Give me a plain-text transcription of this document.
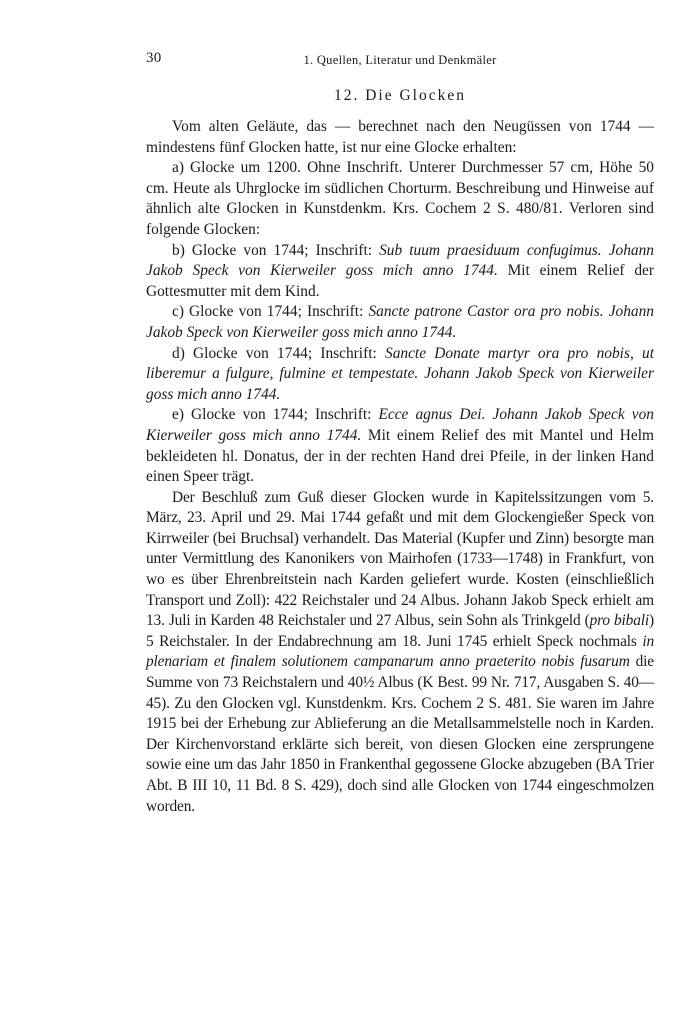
30	1. Quellen, Literatur und Denkmäler
12. Die Glocken

Vom alten Geläute, das — berechnet nach den Neugüssen von 1744 — mindestens fünf Glocken hatte, ist nur eine Glocke erhalten:

a) Glocke um 1200. Ohne Inschrift. Unterer Durchmesser 57 cm, Höhe 50 cm. Heute als Uhrglocke im südlichen Chorturm. Beschreibung und Hinweise auf ähnlich alte Glocken in Kunstdenkm. Krs. Cochem 2 S. 480/81. Verloren sind folgende Glocken:

b) Glocke von 1744; Inschrift: Sub tuum praesiduum confugimus. Johann Jakob Speck von Kierweiler goss mich anno 1744. Mit einem Relief der Gottesmutter mit dem Kind.

c) Glocke von 1744; Inschrift: Sancte patrone Castor ora pro nobis. Johann Jakob Speck von Kierweiler goss mich anno 1744.

d) Glocke von 1744; Inschrift: Sancte Donate martyr ora pro nobis, ut liberemur a fulgure, fulmine et tempestate. Johann Jakob Speck von Kierweiler goss mich anno 1744.

e) Glocke von 1744; Inschrift: Ecce agnus Dei. Johann Jakob Speck von Kierweiler goss mich anno 1744. Mit einem Relief des mit Mantel und Helm bekleideten hl. Donatus, der in der rechten Hand drei Pfeile, in der linken Hand einen Speer trägt.

Der Beschluß zum Guß dieser Glocken wurde in Kapitelssitzungen vom 5. März, 23. April und 29. Mai 1744 gefaßt und mit dem Glockengießer Speck von Kirrweiler (bei Bruchsal) verhandelt. Das Material (Kupfer und Zinn) besorgte man unter Vermittlung des Kanonikers von Mairhofen (1733—1748) in Frankfurt, von wo es über Ehrenbreitstein nach Karden geliefert wurde. Kosten (einschließlich Transport und Zoll): 422 Reichstaler und 24 Albus. Johann Jakob Speck erhielt am 13. Juli in Karden 48 Reichstaler und 27 Albus, sein Sohn als Trinkgeld (pro bibali) 5 Reichstaler. In der Endabrechnung am 18. Juni 1745 erhielt Speck nochmals in plenariam et finalem solutionem campanarum anno praeterito nobis fusarum die Summe von 73 Reichstalern und 40½ Albus (K Best. 99 Nr. 717, Ausgaben S. 40—45). Zu den Glocken vgl. Kunstdenkm. Krs. Cochem 2 S. 481. Sie waren im Jahre 1915 bei der Erhebung zur Ablieferung an die Metallsammelstelle noch in Karden. Der Kirchenvorstand erklärte sich bereit, von diesen Glocken eine zersprungene sowie eine um das Jahr 1850 in Frankenthal gegossene Glocke abzugeben (BA Trier Abt. B III 10, 11 Bd. 8 S. 429), doch sind alle Glocken von 1744 eingeschmolzen worden.
